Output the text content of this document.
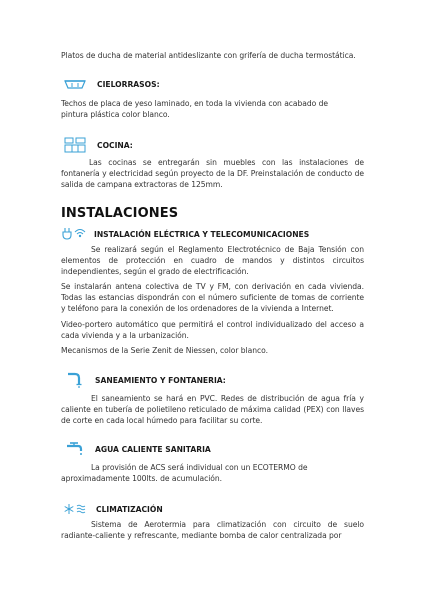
Platos de ducha de material antideslizante con grifería de ducha termostática.

CIELORRASOS:

Techos de placa de yeso laminado, en toda la vivienda con acabado de

pintura plástica color blanco.

COCINA:

Las cocinas se entregarán sin muebles con las instalaciones de fontanería y electricidad según proyecto de la DF. Preinstalación de conducto de salida de campana extractoras de 125mm.

INSTALACIONES
INSTALACIÓN ELÉCTRICA Y TELECOMUNICACIONES

Se realizará según el Reglamento Electrotécnico de Baja Tensión con elementos de protección en cuadro de mandos y distintos circuitos independientes, según el grado de electrificación.

Se instalarán antena colectiva de TV y FM, con derivación en cada vivienda. Todas las estancias dispondrán con el número suficiente de tomas de corriente y teléfono para la conexión de los ordenadores de la vivienda a Internet.

Video-portero automático que permitirá el control individualizado del acceso a cada vivienda y a la urbanización.

Mecanismos de la Serie Zenit de Niessen, color blanco.

SANEAMIENTO Y FONTANERIA:

El saneamiento se hará en PVC. Redes de distribución de agua fría y caliente en tubería de polietileno reticulado de máxima calidad (PEX) con llaves de corte en cada local húmedo para facilitar su corte.

AGUA CALIENTE SANITARIA

La provisión de ACS será individual con un ECOTERMO de

aproximadamente 100lts. de acumulación.

CLIMATIZACIÓN

Sistema de Aerotermia para climatización con circuito de suelo radiante-caliente y refrescante, mediante bomba de calor centralizada por
